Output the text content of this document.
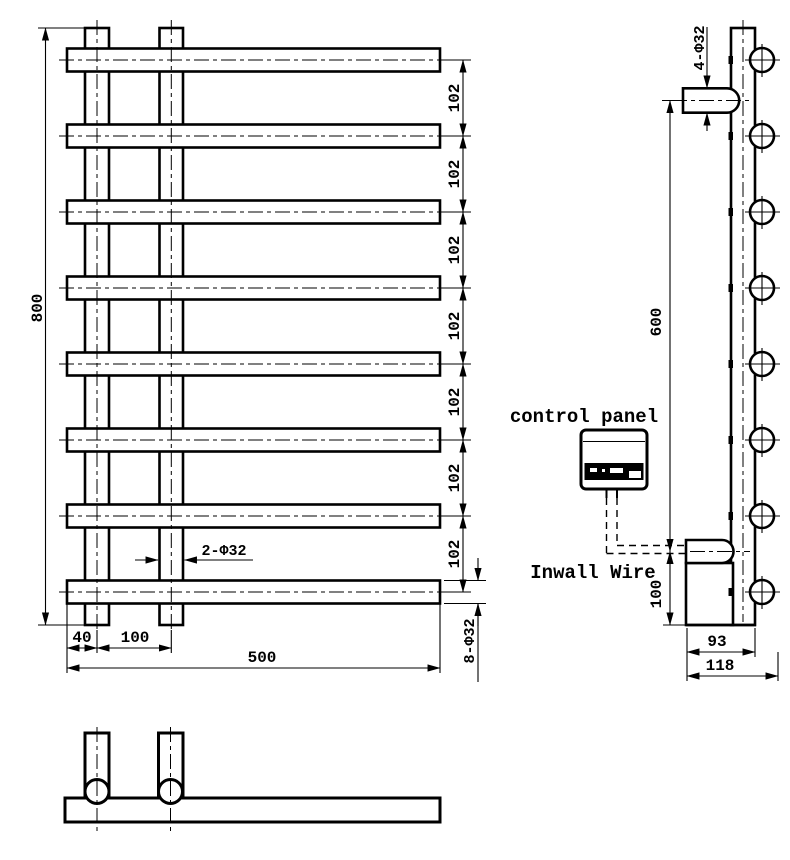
800
102
102
102
102
102
102
102
2-Φ32
8-Φ32
40 100
500
4-Φ32
600
100
93
118
control panel
Inwall Wire
